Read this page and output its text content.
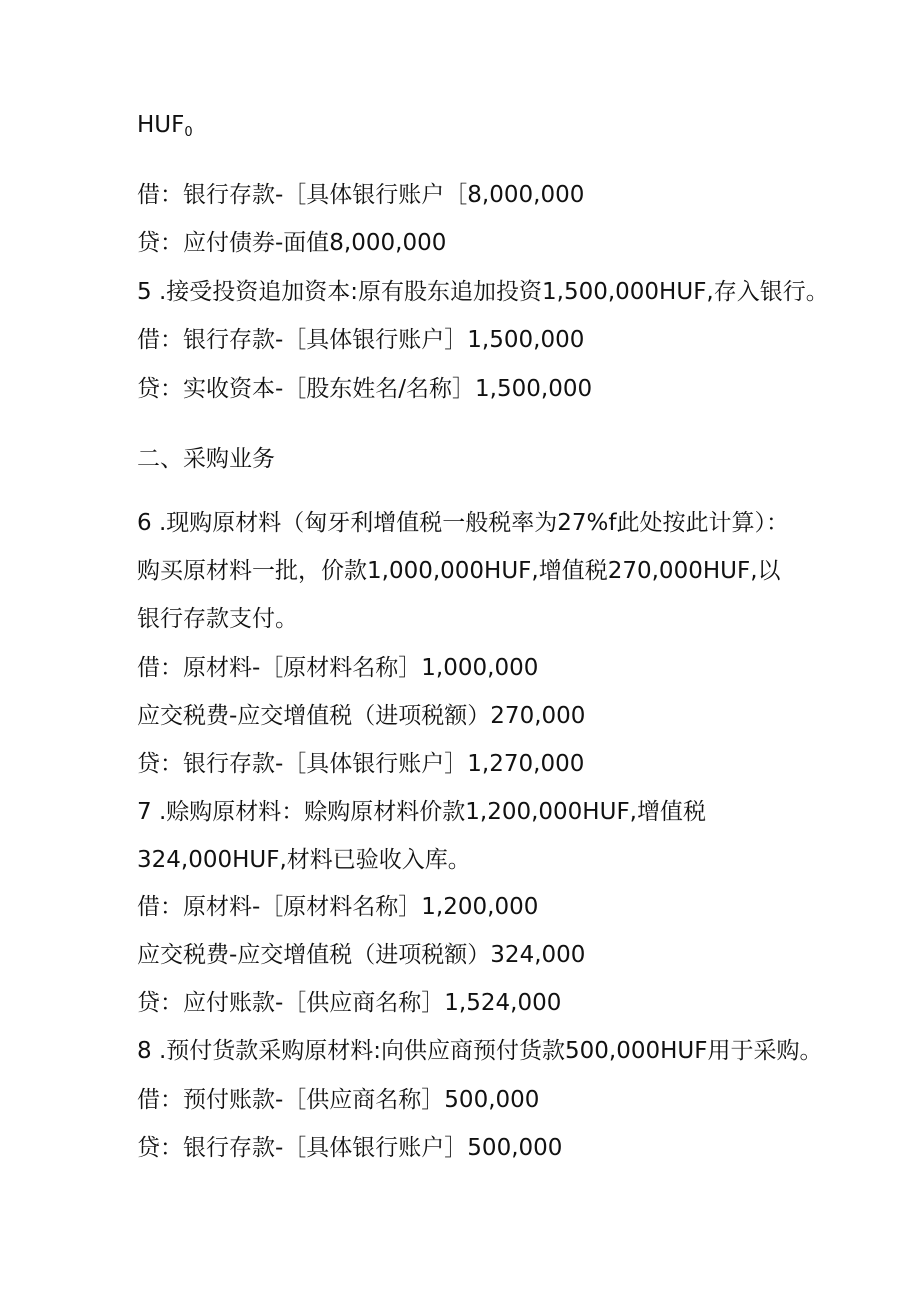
HUF0

借：银行存款-［具体银行账户［8,000,000

贷：应付债券-面值8,000,000

5 .接受投资追加资本:原有股东追加投资1,500,000HUF,存入银行。

借：银行存款-［具体银行账户］1,500,000

贷：实收资本-［股东姓名/名称］1,500,000

二、采购业务

6 .现购原材料（匈牙利增值税一般税率为27%f此处按此计算）：购买原材料一批，价款1,000,000HUF,增值税270,000HUF,以银行存款支付。

借：原材料-［原材料名称］1,000,000

应交税费-应交增值税（进项税额）270,000

贷：银行存款-［具体银行账户］1,270,000

7 .赊购原材料：赊购原材料价款1,200,000HUF,增值税

324,000HUF,材料已验收入库。

借：原材料-［原材料名称］1,200,000

应交税费-应交增值税（进项税额）324,000

贷：应付账款-［供应商名称］1,524,000

8 .预付货款采购原材料:向供应商预付货款500,000HUF用于采购。

借：预付账款-［供应商名称］500,000

贷：银行存款-［具体银行账户］500,000
